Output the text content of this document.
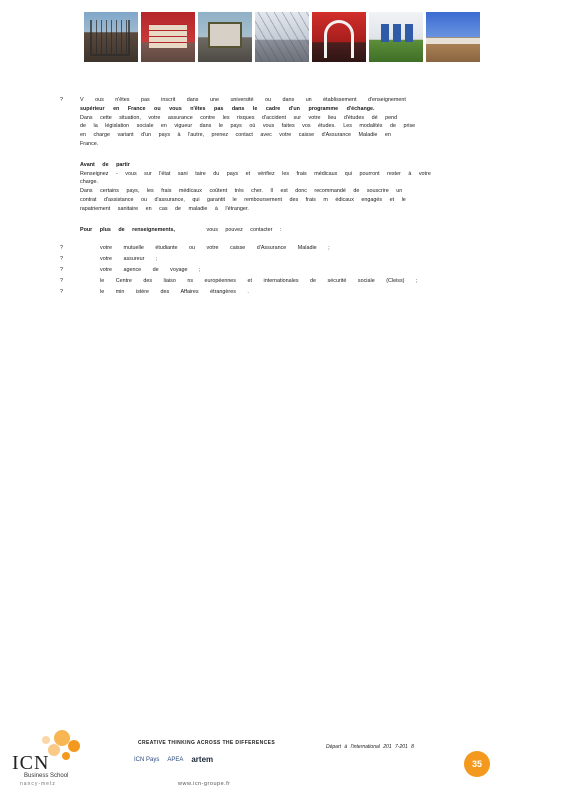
?	V ous n'êtes pas inscrit dans une université ou dans un établissement d'enseignement
supérieur en France ou vous n'êtes pas dans le cadre d'un programme d'échange.
Dans cette situation, votre assurance contre les risques d'accident sur votre lieu d'études dé pend
de la législation sociale en vigueur dans le pays où vous faites vos études. Les modalités de prise
en charge variant d'un pays à l'autre, prenez contact avec votre caisse d'Assurance Maladie en
France.
Avant de partir
Renseignez - vous sur l'état sani taire du pays et vérifiez les frais médicaux qui pourront rester à votre
charge.
Dans certains pays, les frais médicaux coûtent très cher. Il est donc recommandé de souscrire un
contrat d'assistance ou d'assurance, qui garantit le remboursement des frais m édicaux engagés et le
rapatriement sanitaire en cas de maladie à l'étranger.
Pour plus de renseignements,	vous pouvez contacter :
?	votre mutuelle étudiante ou votre caisse d'Assurance Maladie ;
?	votre assureur ;
?	votre agence de voyage ;
?	le Centre des liaiso ns européennes et internationales de sécurité sociale (Cleiss) ;
?	le min istère des Affaires étrangères .
ICN
Business School
nancy-metz
CREATIVE THINKING ACROSS THE DIFFERENCES
ICN Pays APEA artem
www.icn-groupe.fr
Départ à l'international 201 7-201 8
35
